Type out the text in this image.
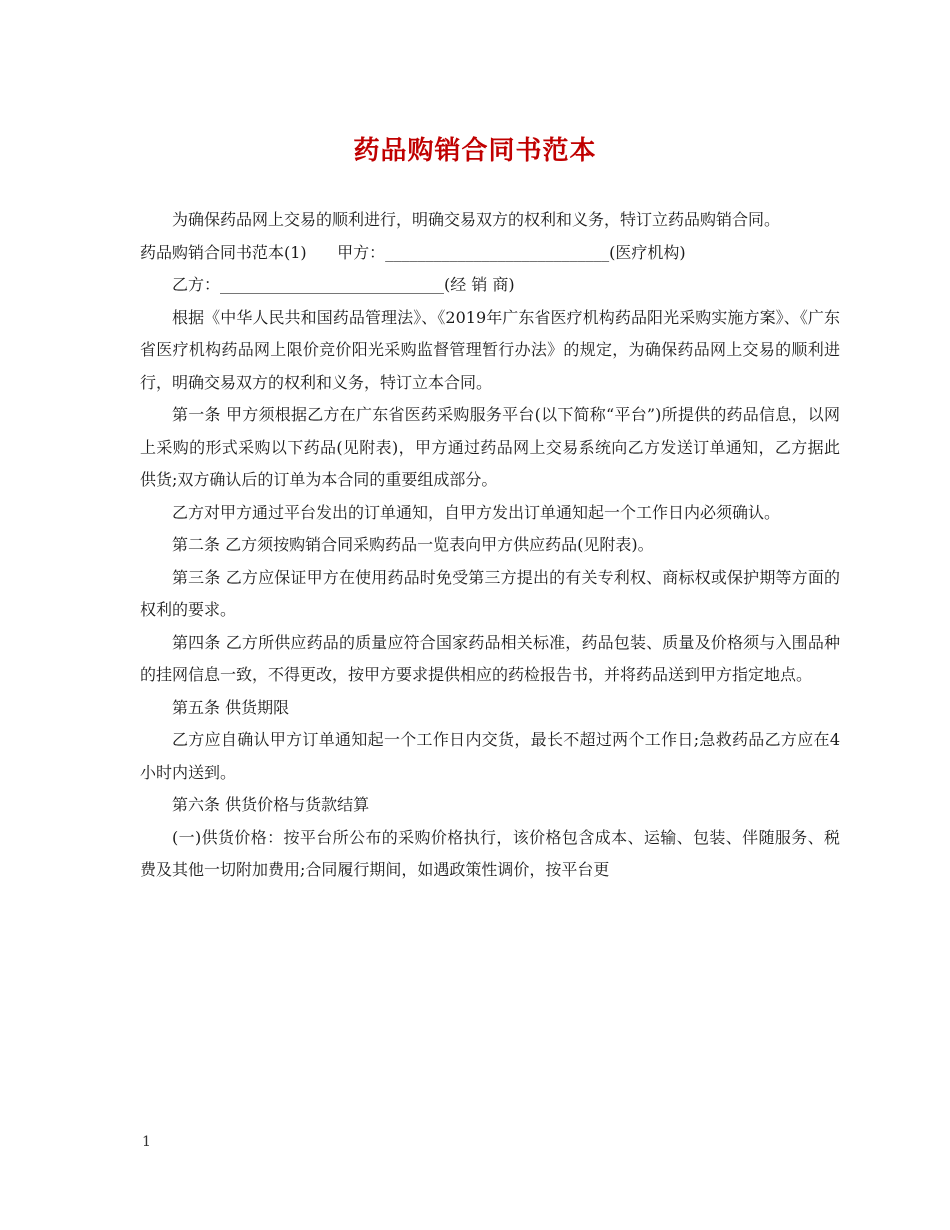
药品购销合同书范本

为确保药品网上交易的顺利进行，明确交易双方的权利和义务，特订立药品购销合同。

药品购销合同书范本(1)      甲方：____________________________(医疗机构)

乙方：____________________________(经 销 商)

根据《中华人民共和国药品管理法》、《2019年广东省医疗机构药品阳光采购实施方案》、《广东省医疗机构药品网上限价竞价阳光采购监督管理暂行办法》的规定，为确保药品网上交易的顺利进行，明确交易双方的权利和义务，特订立本合同。

第一条 甲方须根据乙方在广东省医药采购服务平台(以下简称“平台”)所提供的药品信息，以网上采购的形式采购以下药品(见附表)，甲方通过药品网上交易系统向乙方发送订单通知，乙方据此供货;双方确认后的订单为本合同的重要组成部分。

乙方对甲方通过平台发出的订单通知，自甲方发出订单通知起一个工作日内必须确认。

第二条 乙方须按购销合同采购药品一览表向甲方供应药品(见附表)。

第三条 乙方应保证甲方在使用药品时免受第三方提出的有关专利权、商标权或保护期等方面的权利的要求。

第四条 乙方所供应药品的质量应符合国家药品相关标准，药品包装、质量及价格须与入围品种的挂网信息一致，不得更改，按甲方要求提供相应的药检报告书，并将药品送到甲方指定地点。

第五条 供货期限

乙方应自确认甲方订单通知起一个工作日内交货，最长不超过两个工作日;急救药品乙方应在4小时内送到。

第六条 供货价格与货款结算

(一)供货价格：按平台所公布的采购价格执行，该价格包含成本、运输、包装、伴随服务、税费及其他一切附加费用;合同履行期间，如遇政策性调价，按平台更

1
